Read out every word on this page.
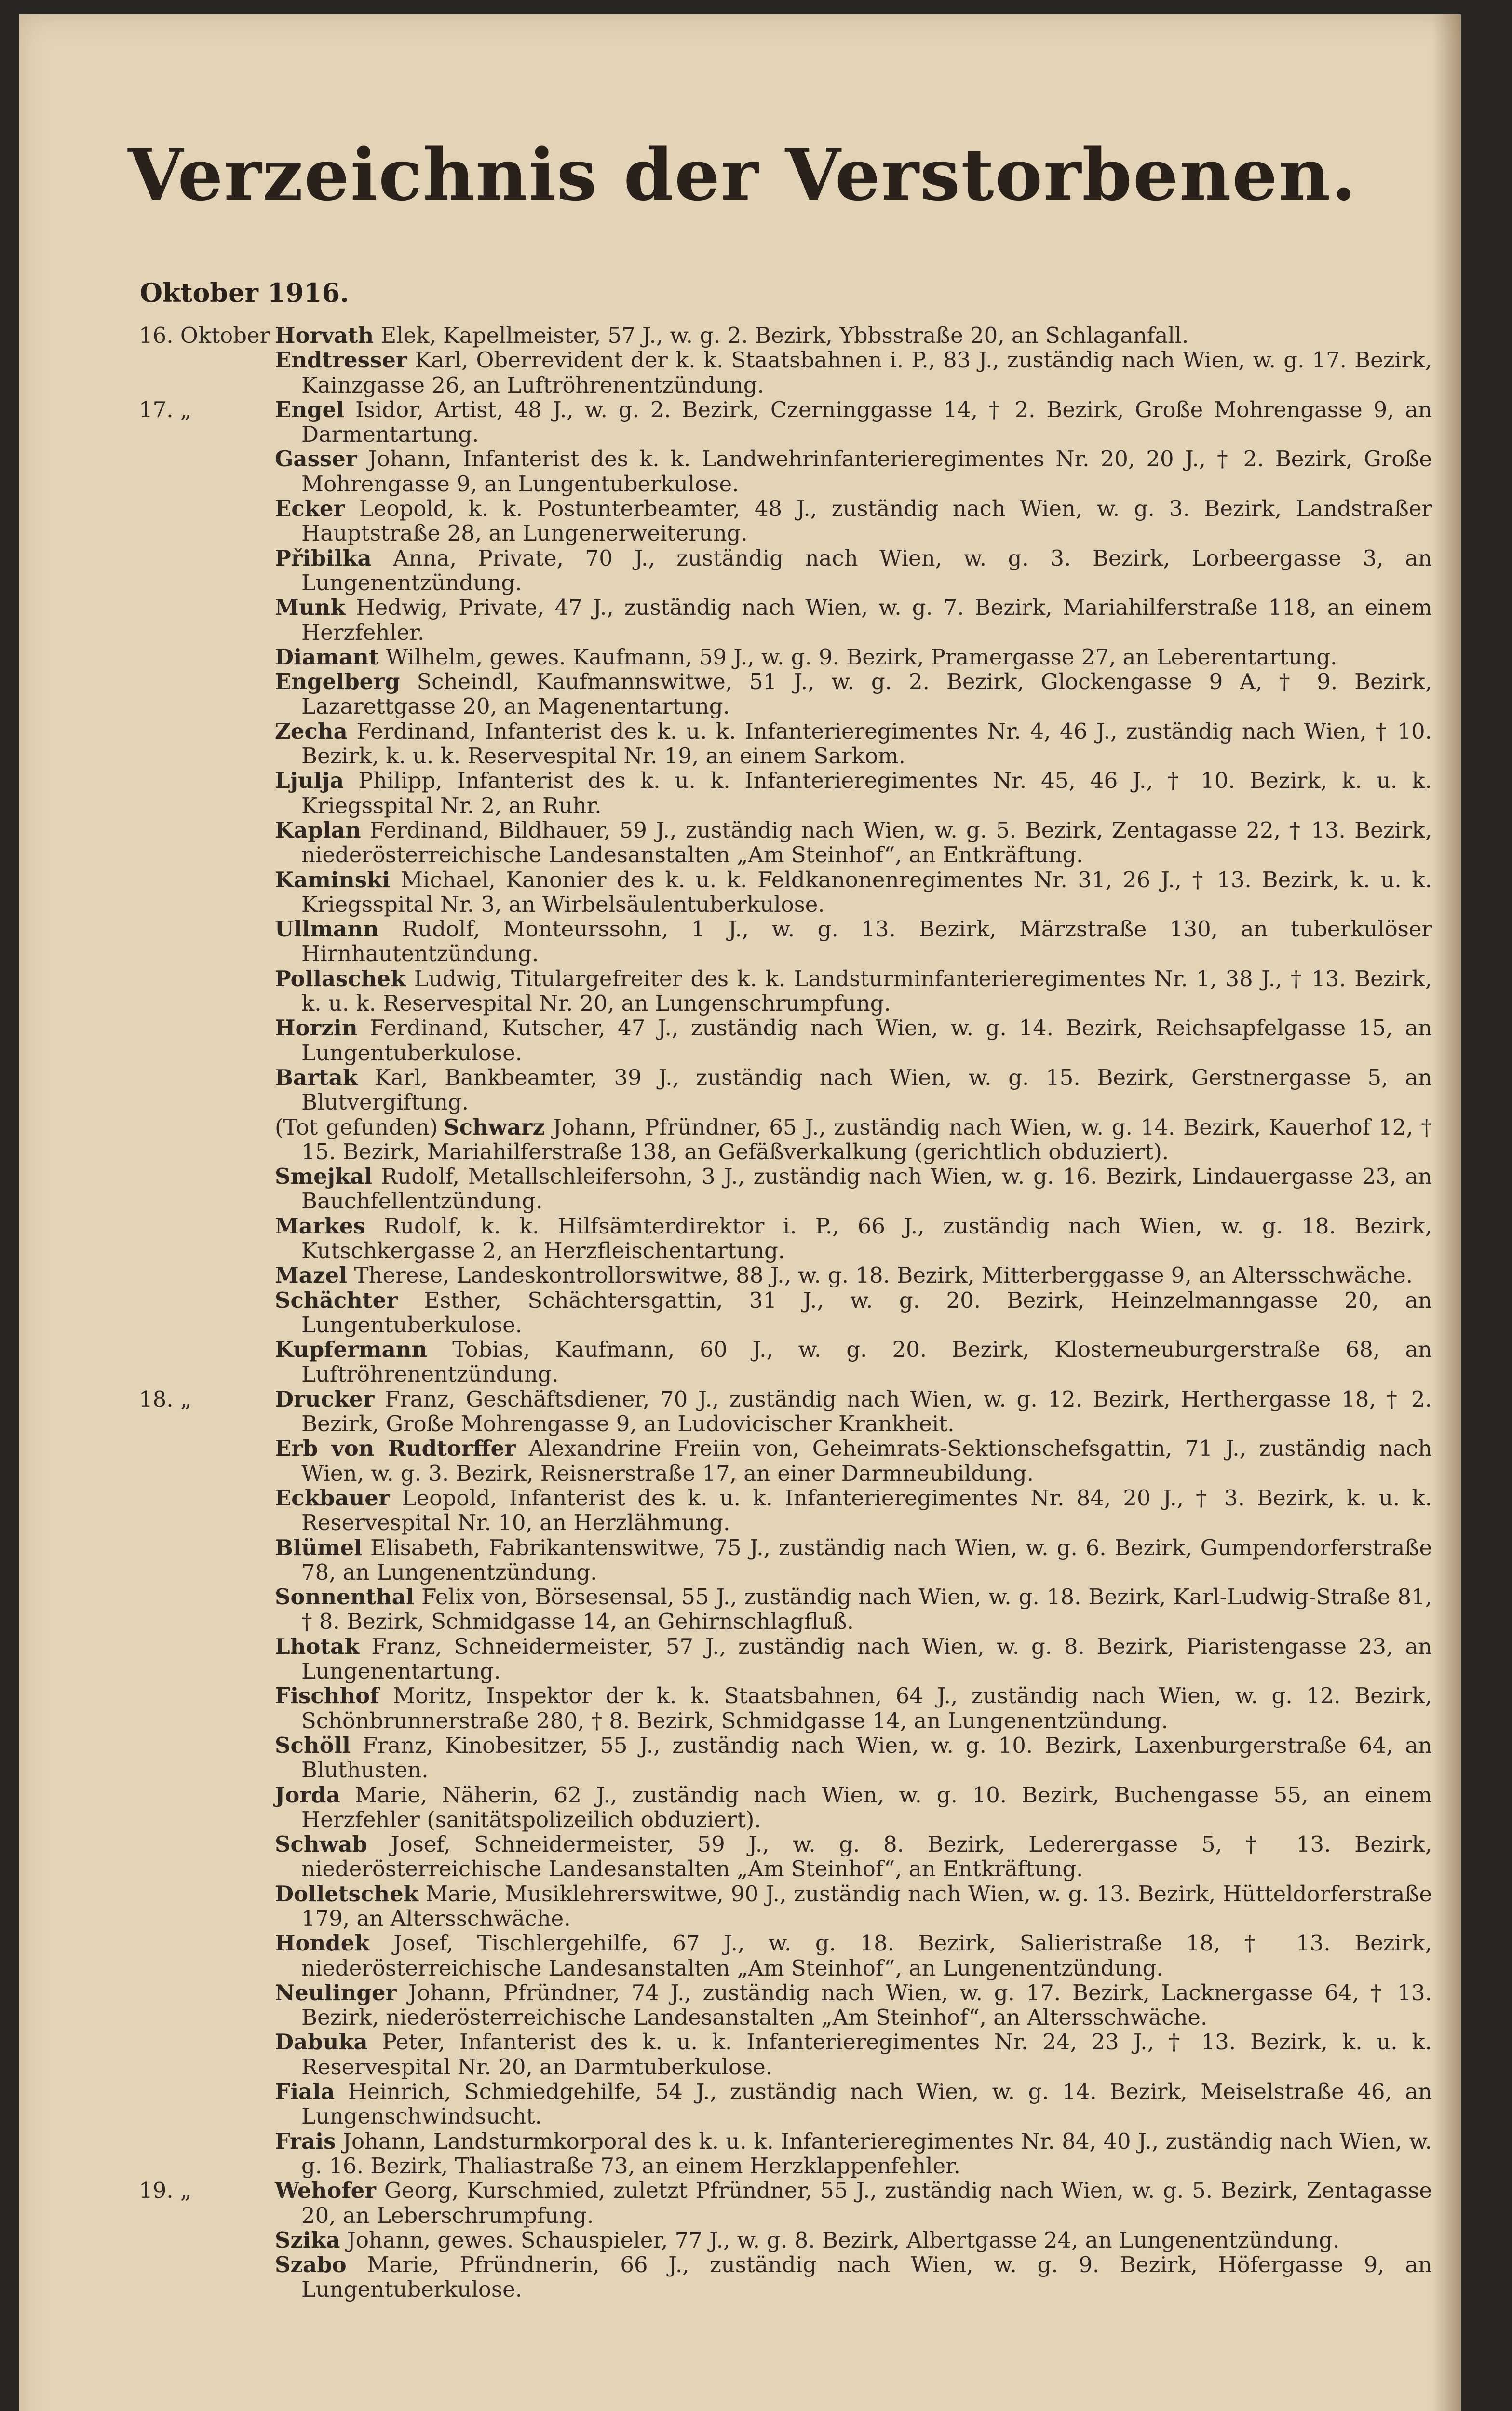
Verzeichnis der Verstorbenen.
Oktober 1916.
16. Oktober Horvath Elek, Kapellmeister, 57 J., w. g. 2. Bezirk, Ybbsstraße 20, an Schlaganfall.
Endtresser Karl, Oberrevident der k. k. Staatsbahnen i. P., 83 J., zuständig nach Wien, w. g. 17. Bezirk, Kainzgasse 26, an Luftröhrenentzündung.
17. „	Engel Isidor, Artist, 48 J., w. g. 2. Bezirk, Czerninggasse 14, † 2. Bezirk, Große Mohrengasse 9, an Darmentartung.
Gasser Johann, Infanterist des k. k. Landwehrinfanterieregimentes Nr. 20, 20 J., † 2. Bezirk, Große Mohrengasse 9, an Lungentuberkulose.
Ecker Leopold, k. k. Postunterbeamter, 48 J., zuständig nach Wien, w. g. 3. Bezirk, Landstraßer Hauptstraße 28, an Lungenerweiterung.
Přibilka Anna, Private, 70 J., zuständig nach Wien, w. g. 3. Bezirk, Lorbeergasse 3, an Lungenentzündung.
Munk Hedwig, Private, 47 J., zuständig nach Wien, w. g. 7. Bezirk, Mariahilferstraße 118, an einem Herzfehler.
Diamant Wilhelm, gewes. Kaufmann, 59 J., w. g. 9. Bezirk, Pramergasse 27, an Leberentartung.
Engelberg Scheindl, Kaufmannswitwe, 51 J., w. g. 2. Bezirk, Glockengasse 9 A, † 9. Bezirk, Lazarettgasse 20, an Magenentartung.
Zecha Ferdinand, Infanterist des k. u. k. Infanterieregimentes Nr. 4, 46 J., zuständig nach Wien, † 10. Bezirk, k. u. k. Reservespital Nr. 19, an einem Sarkom.
Ljulja Philipp, Infanterist des k. u. k. Infanterieregimentes Nr. 45, 46 J., † 10. Bezirk, k. u. k. Kriegsspital Nr. 2, an Ruhr.
Kaplan Ferdinand, Bildhauer, 59 J., zuständig nach Wien, w. g. 5. Bezirk, Zentagasse 22, † 13. Bezirk, niederösterreichische Landesanstalten „Am Steinhof“, an Entkräftung.
Kaminski Michael, Kanonier des k. u. k. Feldkanonenregimentes Nr. 31, 26 J., † 13. Bezirk, k. u. k. Kriegsspital Nr. 3, an Wirbelsäulentuberkulose.
Ullmann Rudolf, Monteurssohn, 1 J., w. g. 13. Bezirk, Märzstraße 130, an tuberkulöser Hirnhautentzündung.
Pollaschek Ludwig, Titulargefreiter des k. k. Landsturminfanterieregimentes Nr. 1, 38 J., † 13. Bezirk, k. u. k. Reservespital Nr. 20, an Lungenschrumpfung.
Horzin Ferdinand, Kutscher, 47 J., zuständig nach Wien, w. g. 14. Bezirk, Reichsapfelgasse 15, an Lungentuberkulose.
Bartak Karl, Bankbeamter, 39 J., zuständig nach Wien, w. g. 15. Bezirk, Gerstnergasse 5, an Blutvergiftung.
(Tot gefunden) Schwarz Johann, Pfründner, 65 J., zuständig nach Wien, w. g. 14. Bezirk, Kauerhof 12, † 15. Bezirk, Mariahilferstraße 138, an Gefäßverkalkung (gerichtlich obduziert).
Smejkal Rudolf, Metallschleifersohn, 3 J., zuständig nach Wien, w. g. 16. Bezirk, Lindauergasse 23, an Bauchfellentzündung.
Markes Rudolf, k. k. Hilfsämterdirektor i. P., 66 J., zuständig nach Wien, w. g. 18. Bezirk, Kutschkergasse 2, an Herzfleischentartung.
Mazel Therese, Landeskontrollorswitwe, 88 J., w. g. 18. Bezirk, Mitterberggasse 9, an Altersschwäche.
Schächter Esther, Schächtersgattin, 31 J., w. g. 20. Bezirk, Heinzelmanngasse 20, an Lungentuberkulose.
Kupfermann Tobias, Kaufmann, 60 J., w. g. 20. Bezirk, Klosterneuburgerstraße 68, an Luftröhrenentzündung.
18. „	Drucker Franz, Geschäftsdiener, 70 J., zuständig nach Wien, w. g. 12. Bezirk, Herthergasse 18, † 2. Bezirk, Große Mohrengasse 9, an Ludovicischer Krankheit.
Erb von Rudtorffer Alexandrine Freiin von, Geheimrats-Sektionschefsgattin, 71 J., zuständig nach Wien, w. g. 3. Bezirk, Reisnerstraße 17, an einer Darmneubildung.
Eckbauer Leopold, Infanterist des k. u. k. Infanterieregimentes Nr. 84, 20 J., † 3. Bezirk, k. u. k. Reservespital Nr. 10, an Herzlähmung.
Blümel Elisabeth, Fabrikantenswitwe, 75 J., zuständig nach Wien, w. g. 6. Bezirk, Gumpendorferstraße 78, an Lungenentzündung.
Sonnenthal Felix von, Börsesensal, 55 J., zuständig nach Wien, w. g. 18. Bezirk, Karl-Ludwig-Straße 81, † 8. Bezirk, Schmidgasse 14, an Gehirnschlagfluß.
Lhotak Franz, Schneidermeister, 57 J., zuständig nach Wien, w. g. 8. Bezirk, Piaristengasse 23, an Lungenentartung.
Fischhof Moritz, Inspektor der k. k. Staatsbahnen, 64 J., zuständig nach Wien, w. g. 12. Bezirk, Schönbrunnerstraße 280, † 8. Bezirk, Schmidgasse 14, an Lungenentzündung.
Schöll Franz, Kinobesitzer, 55 J., zuständig nach Wien, w. g. 10. Bezirk, Laxenburgerstraße 64, an Bluthusten.
Jorda Marie, Näherin, 62 J., zuständig nach Wien, w. g. 10. Bezirk, Buchengasse 55, an einem Herzfehler (sanitätspolizeilich obduziert).
Schwab Josef, Schneidermeister, 59 J., w. g. 8. Bezirk, Lederergasse 5, † 13. Bezirk, niederösterreichische Landesanstalten „Am Steinhof“, an Entkräftung.
Dolletschek Marie, Musiklehrerswitwe, 90 J., zuständig nach Wien, w. g. 13. Bezirk, Hütteldorferstraße 179, an Altersschwäche.
Hondek Josef, Tischlergehilfe, 67 J., w. g. 18. Bezirk, Salieristraße 18, † 13. Bezirk, niederösterreichische Landesanstalten „Am Steinhof“, an Lungenentzündung.
Neulinger Johann, Pfründner, 74 J., zuständig nach Wien, w. g. 17. Bezirk, Lacknergasse 64, † 13. Bezirk, niederösterreichische Landesanstalten „Am Steinhof“, an Altersschwäche.
Dabuka Peter, Infanterist des k. u. k. Infanterieregimentes Nr. 24, 23 J., † 13. Bezirk, k. u. k. Reservespital Nr. 20, an Darmtuberkulose.
Fiala Heinrich, Schmiedgehilfe, 54 J., zuständig nach Wien, w. g. 14. Bezirk, Meiselstraße 46, an Lungenschwindsucht.
Frais Johann, Landsturmkorporal des k. u. k. Infanterieregimentes Nr. 84, 40 J., zuständig nach Wien, w. g. 16. Bezirk, Thaliastraße 73, an einem Herzklappenfehler.
19. „	Wehofer Georg, Kurschmied, zuletzt Pfründner, 55 J., zuständig nach Wien, w. g. 5. Bezirk, Zentagasse 20, an Leberschrumpfung.
Szika Johann, gewes. Schauspieler, 77 J., w. g. 8. Bezirk, Albertgasse 24, an Lungenentzündung.
Szabo Marie, Pfründnerin, 66 J., zuständig nach Wien, w. g. 9. Bezirk, Höfergasse 9, an Lungentuberkulose.
